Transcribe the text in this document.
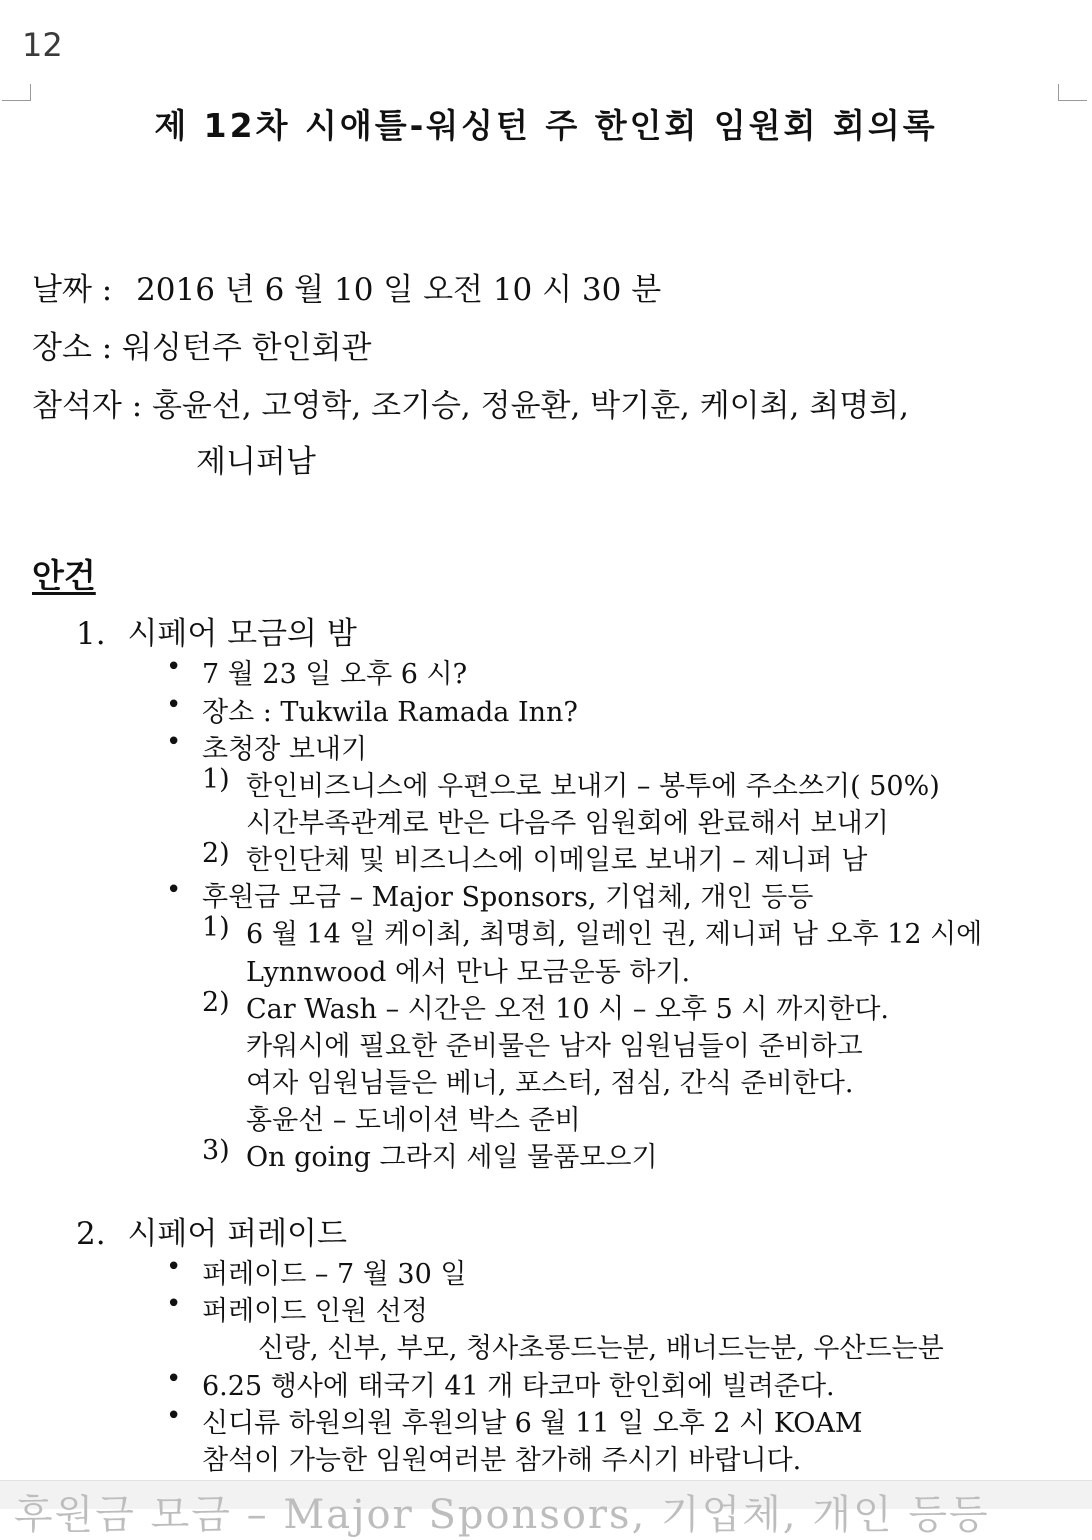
12
제 12차 시애틀-워싱턴 주 한인회 임원회 회의록
날짜 : 2016 년 6 월 10 일 오전 10 시 30 분
장소 : 워싱턴주 한인회관
참석자 : 홍윤선, 고영학, 조기승, 정윤환, 박기훈, 케이최, 최명희,
제니퍼남
안건
1. 시페어 모금의 밤
• 7 월 23 일 오후 6 시?
• 장소 : Tukwila Ramada Inn?
• 초청장 보내기
1) 한인비즈니스에 우편으로 보내기 – 봉투에 주소쓰기( 50%)
시간부족관계로 반은 다음주 임원회에 완료해서 보내기
2) 한인단체 및 비즈니스에 이메일로 보내기 – 제니퍼 남
• 후원금 모금 – Major Sponsors, 기업체, 개인 등등
1) 6 월 14 일 케이최, 최명희, 일레인 권, 제니퍼 남 오후 12 시에
Lynnwood 에서 만나 모금운동 하기.
2) Car Wash – 시간은 오전 10 시 – 오후 5 시 까지한다.
카워시에 필요한 준비물은 남자 임원님들이 준비하고
여자 임원님들은 베너, 포스터, 점심, 간식 준비한다.
홍윤선 – 도네이션 박스 준비
3) On going 그라지 세일 물품모으기
2. 시페어 퍼레이드
• 퍼레이드 – 7 월 30 일
• 퍼레이드 인원 선정
신랑, 신부, 부모, 청사초롱드는분, 배너드는분, 우산드는분
• 6.25 행사에 태국기 41 개 타코마 한인회에 빌려준다.
• 신디류 하원의원 후원의날 6 월 11 일 오후 2 시 KOAM
참석이 가능한 임원여러분 참가해 주시기 바랍니다.
후원금 모금 – Major Sponsors, 기업체, 개인 등등
